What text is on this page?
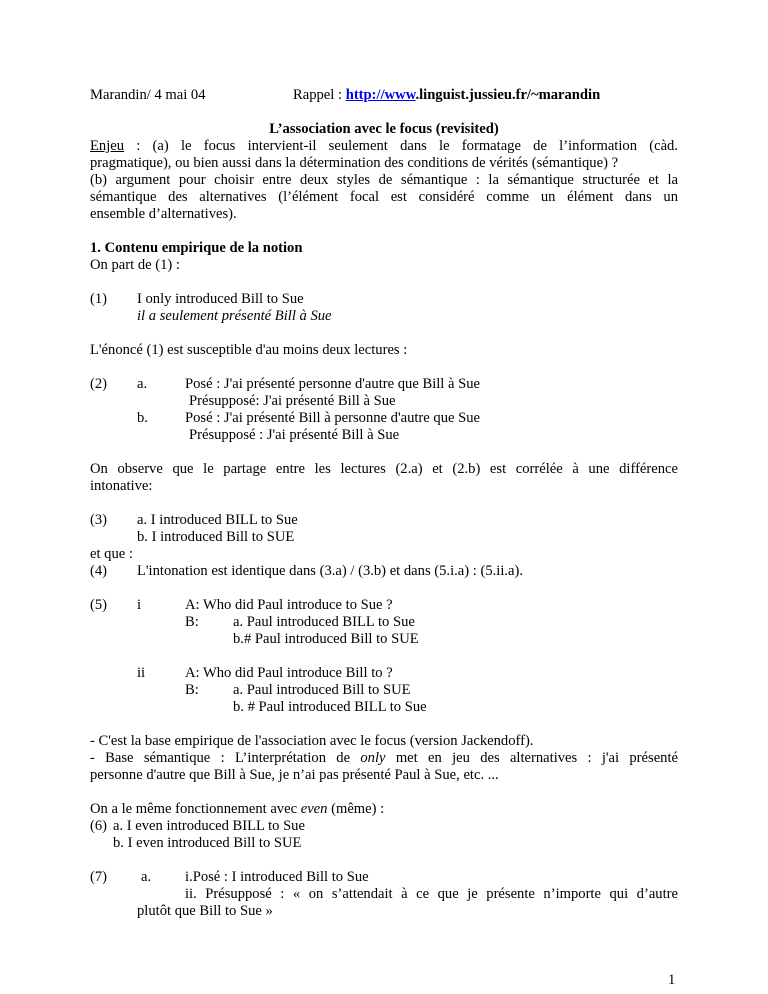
Marandin/ 4 mai 04	Rappel : http://www.linguist.jussieu.fr/~marandin
L’association avec le focus (revisited)
Enjeu : (a) le focus intervient-il seulement dans le formatage de l’information (càd.
pragmatique), ou bien aussi dans la détermination des conditions de vérités (sémantique) ?
(b) argument pour choisir entre deux styles de sémantique : la sémantique structurée et la
sémantique des alternatives (l’élément focal est considéré comme un élément dans un
ensemble d’alternatives).
1. Contenu empirique de la notion
On part de (1) :
(1) I only introduced Bill to Sue
il a seulement présenté Bill à Sue
L'énoncé (1) est susceptible d'au moins deux lectures :
(2) a.	Posé : J'ai présenté personne d'autre que Bill à Sue
Présupposé: J'ai présenté Bill à Sue
b.	Posé : J'ai présenté Bill à personne d'autre que Sue
Présupposé : J'ai présenté Bill à Sue
On observe que le partage entre les lectures (2.a) et (2.b) est corrélée à une différence
intonative:
(3) a. I introduced BILL to Sue
b. I introduced Bill to SUE
et que :
(4) L'intonation est identique dans (3.a) / (3.b) et dans (5.i.a) : (5.ii.a).
(5) i	A: Who did Paul introduce to Sue ?
B: a. Paul introduced BILL to Sue
b.# Paul introduced Bill to SUE
ii	A: Who did Paul introduce Bill to ?
B: a. Paul introduced Bill to SUE
b. # Paul introduced BILL to Sue
- C'est la base empirique de l'association avec le focus (version Jackendoff).
- Base sémantique : L’interprétation de only met en jeu des alternatives : j'ai présenté
personne d'autre que Bill à Sue, je n’ai pas présenté Paul à Sue, etc. ...
On a le même fonctionnement avec even (même) :
(6) a. I even introduced BILL to Sue
b. I even introduced Bill to SUE
(7) a. i.Posé : I introduced Bill to Sue
ii. Présupposé : « on s’attendait à ce que je présente n’importe qui d’autre
plutôt que Bill to Sue »
1
